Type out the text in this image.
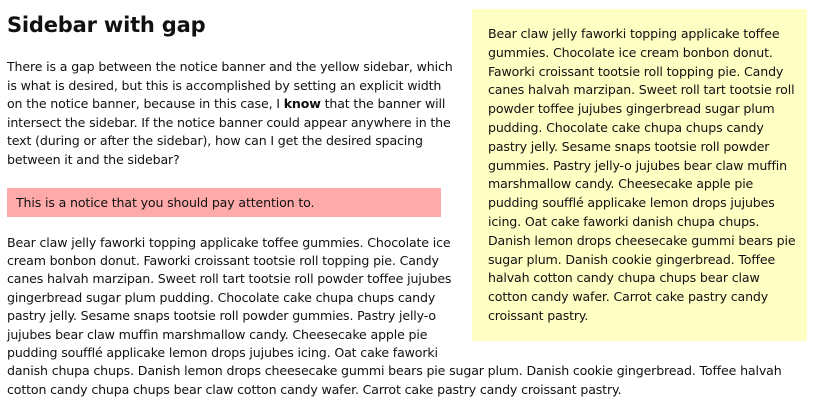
Bear claw jelly faworki topping applicake toffee gummies. Chocolate ice cream bonbon donut. Faworki croissant tootsie roll topping pie. Candy canes halvah marzipan. Sweet roll tart tootsie roll powder toffee jujubes gingerbread sugar plum pudding. Chocolate cake chupa chups candy pastry jelly. Sesame snaps tootsie roll powder gummies. Pastry jelly-o jujubes bear claw muffin marshmallow candy. Cheesecake apple pie pudding soufflé applicake lemon drops jujubes icing. Oat cake faworki danish chupa chups. Danish lemon drops cheesecake gummi bears pie sugar plum. Danish cookie gingerbread. Toffee halvah cotton candy chupa chups bear claw cotton candy wafer. Carrot cake pastry candy croissant pastry.
Sidebar with gap

There is a gap between the notice banner and the yellow sidebar, which is what is desired, but this is accomplished by setting an explicit width on the notice banner, because in this case, I know that the banner will intersect the sidebar. If the notice banner could appear anywhere in the text (during or after the sidebar), how can I get the desired spacing between it and the sidebar?

This is a notice that you should pay attention to.

Bear claw jelly faworki topping applicake toffee gummies. Chocolate ice cream bonbon donut. Faworki croissant tootsie roll topping pie. Candy canes halvah marzipan. Sweet roll tart tootsie roll powder toffee jujubes gingerbread sugar plum pudding. Chocolate cake chupa chups candy pastry jelly. Sesame snaps tootsie roll powder gummies. Pastry jelly-o jujubes bear claw muffin marshmallow candy. Cheesecake apple pie pudding soufflé applicake lemon drops jujubes icing. Oat cake faworki danish chupa chups. Danish lemon drops cheesecake gummi bears pie sugar plum. Danish cookie gingerbread. Toffee halvah cotton candy chupa chups bear claw cotton candy wafer. Carrot cake pastry candy croissant pastry.
